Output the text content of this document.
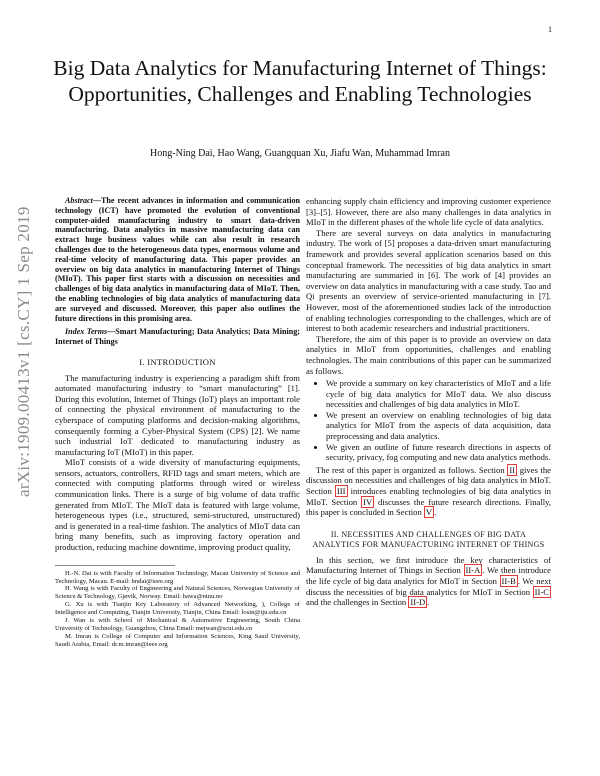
1
arXiv:1909.00413v1 [cs.CY] 1 Sep 2019
Big Data Analytics for Manufacturing Internet of Things: Opportunities, Challenges and Enabling Technologies
Hong-Ning Dai, Hao Wang, Guangquan Xu, Jiafu Wan, Muhammad Imran

Abstract—The recent advances in information and communication technology (ICT) have promoted the evolution of conventional computer-aided manufacturing industry to smart data-driven manufacturing. Data analytics in massive manufacturing data can extract huge business values while can also result in research challenges due to the heterogeneous data types, enormous volume and real-time velocity of manufacturing data. This paper provides an overview on big data analytics in manufacturing Internet of Things (MIoT). This paper first starts with a discussion on necessities and challenges of big data analytics in manufacturing data of MIoT. Then, the enabling technologies of big data analytics of manufacturing data are surveyed and discussed. Moreover, this paper also outlines the future directions in this promising area.

Index Terms—Smart Manufacturing; Data Analytics; Data Mining; Internet of Things

I. INTRODUCTION

The manufacturing industry is experiencing a paradigm shift from automated manufacturing industry to “smart manufacturing” [1]. During this evolution, Internet of Things (IoT) plays an important role of connecting the physical environment of manufacturing to the cyberspace of computing platforms and decision-making algorithms, consequently forming a Cyber-Physical System (CPS) [2]. We name such industrial IoT dedicated to manufacturing industry as manufacturing IoT (MIoT) in this paper.

MIoT consists of a wide diversity of manufacturing equipments, sensors, actuators, controllers, RFID tags and smart meters, which are connected with computing platforms through wired or wireless communication links. There is a surge of big volume of data traffic generated from MIoT. The MIoT data is featured with large volume, heterogeneous types (i.e., structured, semi-structured, unstructured) and is generated in a real-time fashion. The analytics of MIoT data can bring many benefits, such as improving factory operation and production, reducing machine downtime, improving product quality,

H.-N. Dai is with Faculty of Information Technology, Macau University of Science and Technology, Macau. E-mail: hndai@ieee.org

H. Wang is with Faculty of Engineering and Natural Sciences, Norwegian University of Science & Technology, Gjøvik, Norway. Email: hawa@ntnu.no

G. Xu is with Tianjin Key Laboratory of Advanced Networking, ), College of Intelligence and Computing, Tianjin University, Tianjin, China Email: losin@tju.edu.cn

J. Wan is with School of Mechanical & Automotive Engineering, South China University of Technology, Guangzhou, China Email: mejwan@scut.edu.cn

M. Imran is College of Computer and Information Sciences, King Saud University, Saudi Arabia, Email: dr.m.imran@ieee.org

enhancing supply chain efficiency and improving customer experience [3]–[5]. However, there are also many challenges in data analytics in MIoT in the different phases of the whole life cycle of data analytics.

There are several surveys on data analytics in manufacturing industry. The work of [5] proposes a data-driven smart manufacturing framework and provides several application scenarios based on this conceptual framework. The necessities of big data analytics in smart manufacturing are summaried in [6]. The work of [4] provides an overview on data analytics in manufacturing with a case study. Tao and Qi presents an overview of service-oriented manufacturing in [7]. However, most of the aforementioned studies lack of the introduction of enabling technologies corresponding to the challenges, which are of interest to both academic researchers and industrial practitioners.

Therefore, the aim of this paper is to provide an overview on data analytics in MIoT from opportunities, challenges and enabling technologies. The main contributions of this paper can be summarized as follows.

• We provide a summary on key characteristics of MIoT and a life cycle of big data analytics for MIoT data. We also discuss necessities and challenges of big data analytics in MIoT.
• We present an overview on enabling technologies of big data analytics for MIoT from the aspects of data acquisition, data preprocessing and data analytics.
• We given an outline of future research directions in aspects of security, privacy, fog computing and new data analytics methods.

The rest of this paper is organized as follows. Section II gives the discussion on necessities and challenges of big data analytics in MIoT. Section III introduces enabling technologies of big data analytics in MIoT. Section IV discusses the future research directions. Finally, this paper is concluded in Section V .

II. NECESSITIES AND CHALLENGES OF BIG DATA
ANALYTICS FOR MANUFACTURING INTERNET OF THINGS

In this section, we first introduce the key characteristics of Manufacturing Internet of Things in Section II-A . We then introduce the life cycle of big data analytics for MIoT in Section II-B . We next discuss the necessities of big data analytics for MIoT in Section II-C and the challenges in Section II-D .
